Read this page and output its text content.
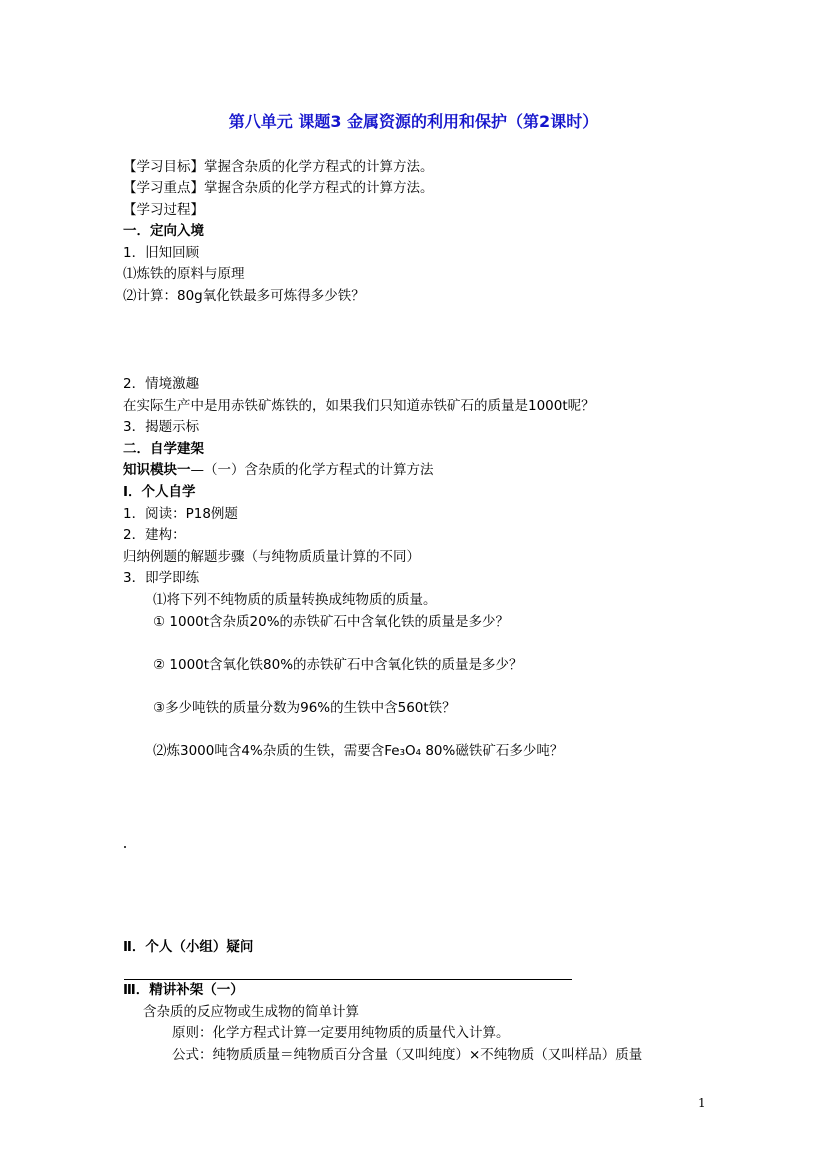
第八单元 课题3 金属资源的利用和保护（第2课时）
【学习目标】掌握含杂质的化学方程式的计算方法。
【学习重点】掌握含杂质的化学方程式的计算方法。
【学习过程】
一．定向入境
1．旧知回顾
⑴炼铁的原料与原理
⑵计算：80g氧化铁最多可炼得多少铁？
2．情境激趣
在实际生产中是用赤铁矿炼铁的，如果我们只知道赤铁矿石的质量是1000t呢？
3．揭题示标
二．自学建架
知识模块一—（一）含杂质的化学方程式的计算方法
Ⅰ．个人自学
1．阅读：P18例题
2．建构：
归纳例题的解题步骤（与纯物质质量计算的不同）
3．即学即练
⑴将下列不纯物质的质量转换成纯物质的质量。
① 1000t含杂质20%的赤铁矿石中含氧化铁的质量是多少？
② 1000t含氧化铁80%的赤铁矿石中含氧化铁的质量是多少？
③多少吨铁的质量分数为96%的生铁中含560t铁？
⑵炼3000吨含4%杂质的生铁，需要含Fe₃O₄ 80%磁铁矿石多少吨？
Ⅱ．个人（小组）疑问
Ⅲ．精讲补架（一）
含杂质的反应物或生成物的简单计算
原则：化学方程式计算一定要用纯物质的质量代入计算。
公式：纯物质质量＝纯物质百分含量（又叫纯度）×不纯物质（又叫样品）质量
1
